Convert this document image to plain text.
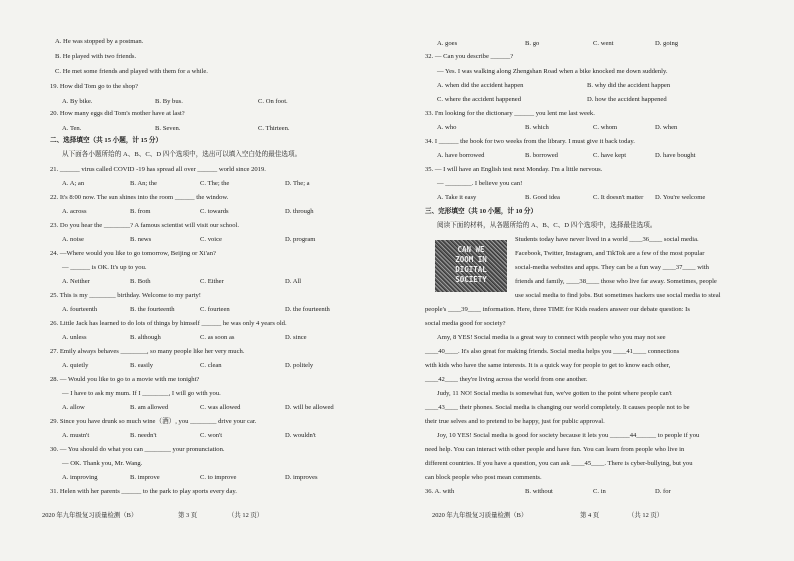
A. He was stopped by a postman.
B. He played with two friends.
C. He met some friends and played with them for a while.
19. How did Tom go to the shop?
20. How many eggs did Tom's mother have at last?
二、选择填空（共 15 小题，计 15 分）
从下面各小题所给的 A、B、C、D 四个选项中，选出可以填入空白处的最佳选项。
21. ______ virus called COVID -19 has spread all over ______ world since 2019.
22. It's 8:00 now. The sun shines into the room ______ the window.
23. Do you hear the ________? A famous scientist will visit our school.
24. —Where would you like to go tomorrow, Beijing or Xi'an?
— ______ is OK. It's up to you.
25. This is my ________ birthday. Welcome to my party!
26. Little Jack has learned to do lots of things by himself ______ he was only 4 years old.
27. Emily always behaves ________, so many people like her very much.
28. — Would you like to go to a movie with me tonight?
— I have to ask my mum. If I ________, I will go with you.
29. Since you have drunk so much wine（酒）, you ________ drive your car.
30. — You should do what you can ________ your pronunciation.
— OK. Thank you, Mr. Wang.
31. Helen with her parents ______ to the park to play sports every day.
A. By bike.	B. By bus.	C. On foot.
A. Ten.	B. Seven.	C. Thirteen.
A. A; an	B. An; the	C. The; the	D. The; a
A. across	B. from	C. towards	D. through
A. noise	B. news	C. voice	D. program
A. Neither	B. Both	C. Either	D. All
A. fourteenth	B. the fourteenth	C. fourteen	D. the fourteenth
A. unless	B. although	C. as soon as	D. since
A. quietly	B. easily	C. clean	D. politely
A. allow	B. am allowed	C. was allowed	D. will be allowed
A. mustn't	B. needn't	C. won't	D. wouldn't
A. improving	B. improve	C. to improve	D. improves
CAN WE
ZOOM IN
DIGITAL
SOCIETY
32. — Can you describe ______?
— Yes. I was walking along Zhengshan Road when a bike knocked me down suddenly.
33. I'm looking for the dictionary ______ you lent me last week.
34. I ______ the book for two weeks from the library. I must give it back today.
35. — I will have an English test next Monday. I'm a little nervous.
— ________. I believe you can!
三、完形填空（共 10 小题，计 10 分）
阅读下面的材料，从各题所给的 A、B、C、D 四个选项中，选择最佳选项。
Students today have never lived in a world ____36____ social media.
Facebook, Twitter, Instagram, and TikTok are a few of the most popular
social-media websites and apps. They can be a fun way ____37____ with
friends and family, ____38____ those who live far away. Sometimes, people
use social media to find jobs. But sometimes hackers use social media to steal
people's ____39____ information. Here, three TIME for Kids readers answer our debate question: Is
social media good for society?
Amy, 8 YES! Social media is a great way to connect with people who you may not see
____40____. It's also great for making friends. Social media helps you ____41____ connections
with kids who have the same interests. It is a quick way for people to get to know each other,
____42____ they're living across the world from one another.
Judy, 11 NO! Social media is somewhat fun, we've gotten to the point where people can't
____43____ their phones. Social media is changing our world completely. It causes people not to be
their true selves and to pretend to be happy, just for public approval.
Joy, 10 YES! Social media is good for society because it lets you ______44______ to people if you
need help. You can interact with other people and have fun. You can learn from people who live in
different countries. If you have a question, you can ask ____45____. There is cyber-bullying, but you
can block people who post mean comments.
A. goes	B. go	C. went	D. going
A. when did the accident happen	B. why did the accident happen
C. where the accident happened	D. how the accident happened
A. who	B. which	C. whom	D. when
A. have borrowed	B. borrowed	C. have kept	D. have bought
A. Take it easy	B. Good idea	C. It doesn't matter D. You're welcome
36. A. with	B. without	C. in	D. for
2020 年九年级复习质量检测（B）	第 3 页	（共 12 页）	2020 年九年级复习质量检测（B）	第 4 页	（共 12 页）
